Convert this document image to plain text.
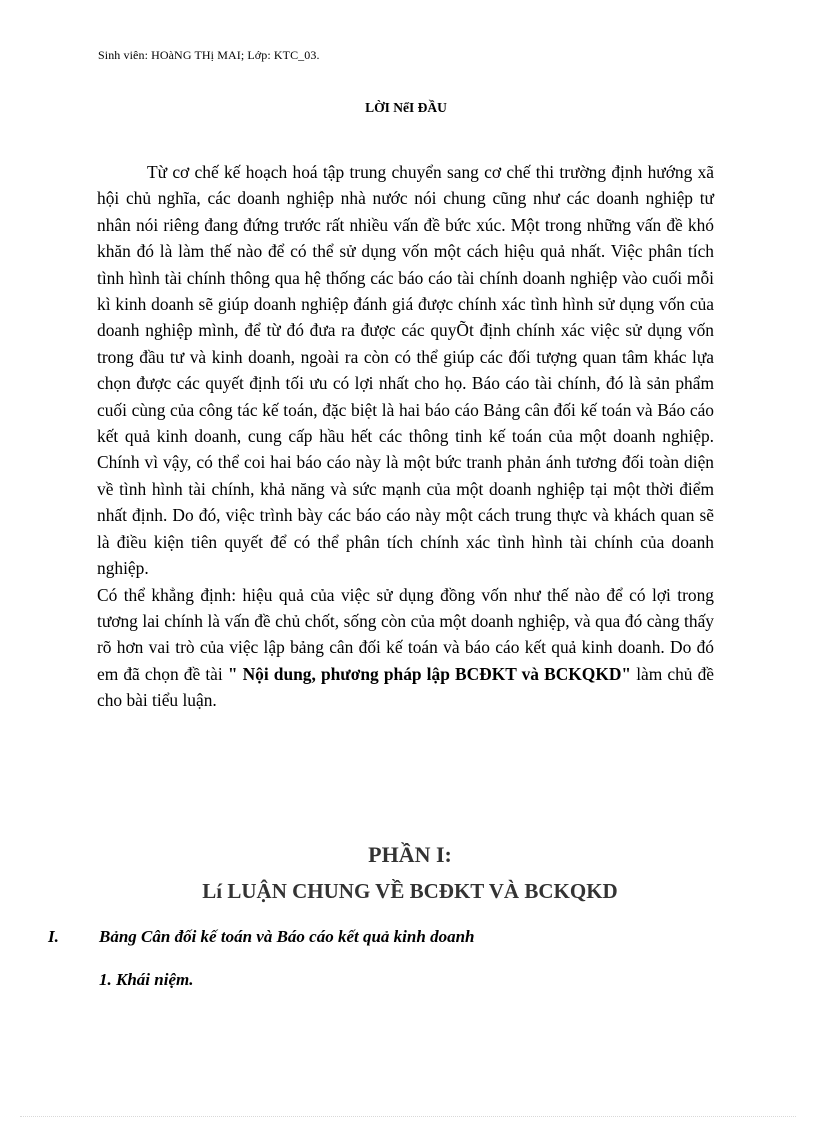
Sinh viên: HOàNG THị MAI; Lớp: KTC_03.
LỜI NểI ĐẦU

Từ cơ chế kế hoạch hoá tập trung chuyển sang cơ chế thi trường định hướng xã hội chủ nghĩa, các doanh nghiệp nhà nước nói chung cũng như các doanh nghiệp tư nhân nói riêng đang đứng trước rất nhiều vấn đề bức xúc. Một trong những vấn đề khó khăn đó là làm thế nào để có thể sử dụng vốn một cách hiệu quả nhất. Việc phân tích tình hình tài chính thông qua hệ thống các báo cáo tài chính doanh nghiệp vào cuối mỗi kì kinh doanh sẽ giúp doanh nghiệp đánh giá được chính xác tình hình sử dụng vốn của doanh nghiệp mình, để từ đó đưa ra được các quyÕt định chính xác việc sử dụng vốn trong đầu tư và kinh doanh, ngoài ra còn có thể giúp các đối tượng quan tâm khác lựa chọn được các quyết định tối ưu có lợi nhất cho họ. Báo cáo tài chính, đó là sản phẩm cuối cùng của công tác kế toán, đặc biệt là hai báo cáo Bảng cân đối kế toán và Báo cáo kết quả kinh doanh, cung cấp hầu hết các thông tinh kế toán của một doanh nghiệp. Chính vì vậy, có thể coi hai báo cáo này là một bức tranh phản ánh tương đối toàn diện về tình hình tài chính, khả năng và sức mạnh của một doanh nghiệp tại một thời điểm nhất định. Do đó, việc trình bày các báo cáo này một cách trung thực và khách quan sẽ là điều kiện tiên quyết để có thể phân tích chính xác tình hình tài chính của doanh nghiệp.

Có thể khẳng định: hiệu quả của việc sử dụng đồng vốn như thế nào để có lợi trong tương lai chính là vấn đề chủ chốt, sống còn của một doanh nghiệp, và qua đó càng thấy rõ hơn vai trò của việc lập bảng cân đối kế toán và báo cáo kết quả kinh doanh. Do đó em đã chọn đề tài " Nội dung, phương pháp lập BCĐKT và BCKQKD" làm chủ đề cho bài tiểu luận.

PHẦN I:
Lí LUẬN CHUNG VỀ BCĐKT VÀ BCKQKD
I. Bảng Cân đối kế toán và Báo cáo kết quả kinh doanh
1. Khái niệm.
